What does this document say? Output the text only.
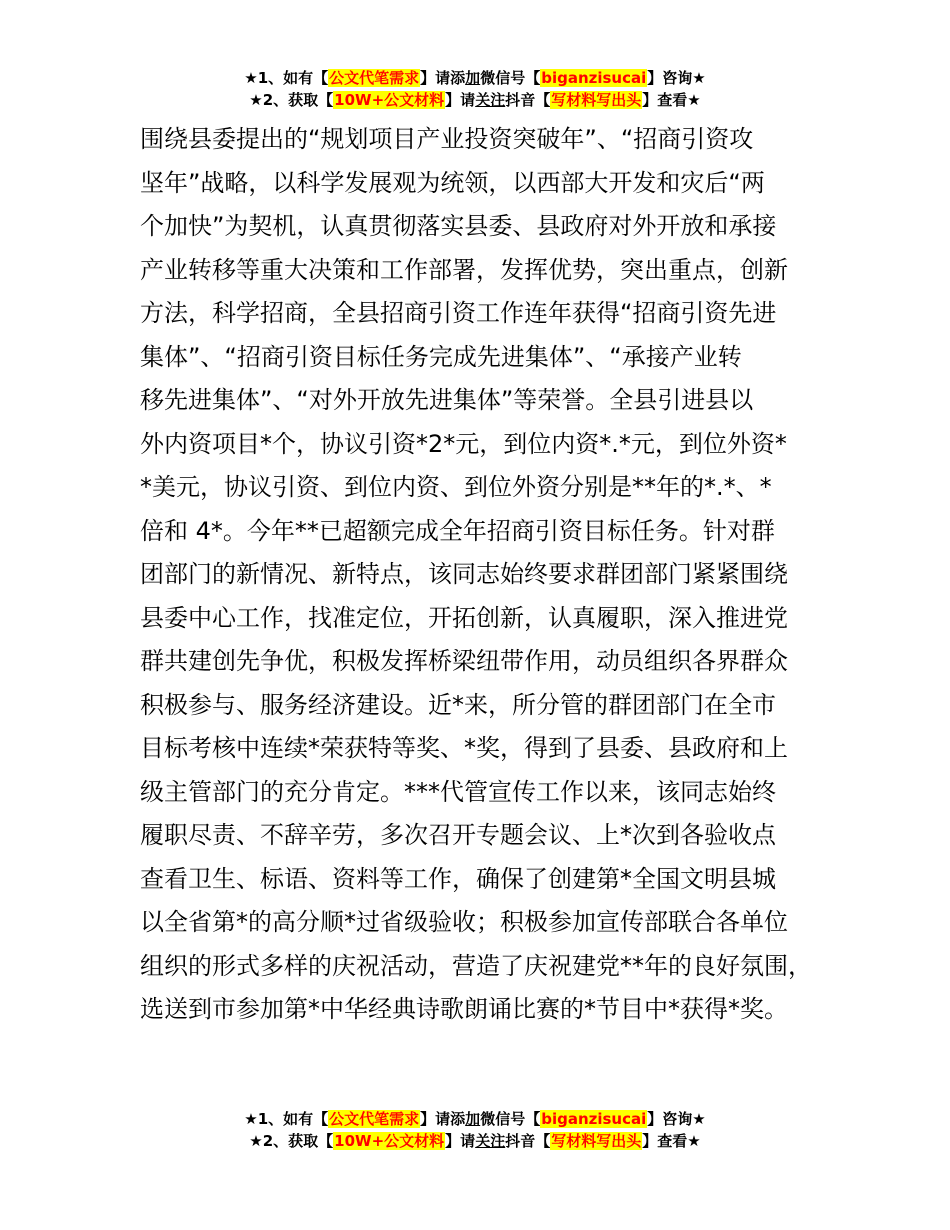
★1、如有【公文代笔需求】请添加微信号【biganzisucai】咨询★
★2、获取【10W+公文材料】请关注抖音【写材料写出头】查看★
围绕县委提出的“规划项目产业投资突破年”、“招商引资攻
坚年”战略，以科学发展观为统领，以西部大开发和灾后“两
个加快”为契机，认真贯彻落实县委、县政府对外开放和承接
产业转移等重大决策和工作部署，发挥优势，突出重点，创新
方法，科学招商，全县招商引资工作连年获得“招商引资先进
集体”、“招商引资目标任务完成先进集体”、“承接产业转
移先进集体”、“对外开放先进集体”等荣誉。全县引进县以
外内资项目*个，协议引资*2*元，到位内资*.*元，到位外资*
*美元，协议引资、到位内资、到位外资分别是**年的*.*、*
倍和 4*。今年**已超额完成全年招商引资目标任务。针对群
团部门的新情况、新特点，该同志始终要求群团部门紧紧围绕
县委中心工作，找准定位，开拓创新，认真履职，深入推进党
群共建创先争优，积极发挥桥梁纽带作用，动员组织各界群众
积极参与、服务经济建设。近*来，所分管的群团部门在全市
目标考核中连续*荣获特等奖、*奖，得到了县委、县政府和上
级主管部门的充分肯定。***代管宣传工作以来，该同志始终
履职尽责、不辞辛劳，多次召开专题会议、上*次到各验收点
查看卫生、标语、资料等工作，确保了创建第*全国文明县城
以全省第*的高分顺*过省级验收；积极参加宣传部联合各单位
组织的形式多样的庆祝活动，营造了庆祝建党**年的良好氛围，
选送到市参加第*中华经典诗歌朗诵比赛的*节目中*获得*奖。
★1、如有【公文代笔需求】请添加微信号【biganzisucai】咨询★
★2、获取【10W+公文材料】请关注抖音【写材料写出头】查看★
